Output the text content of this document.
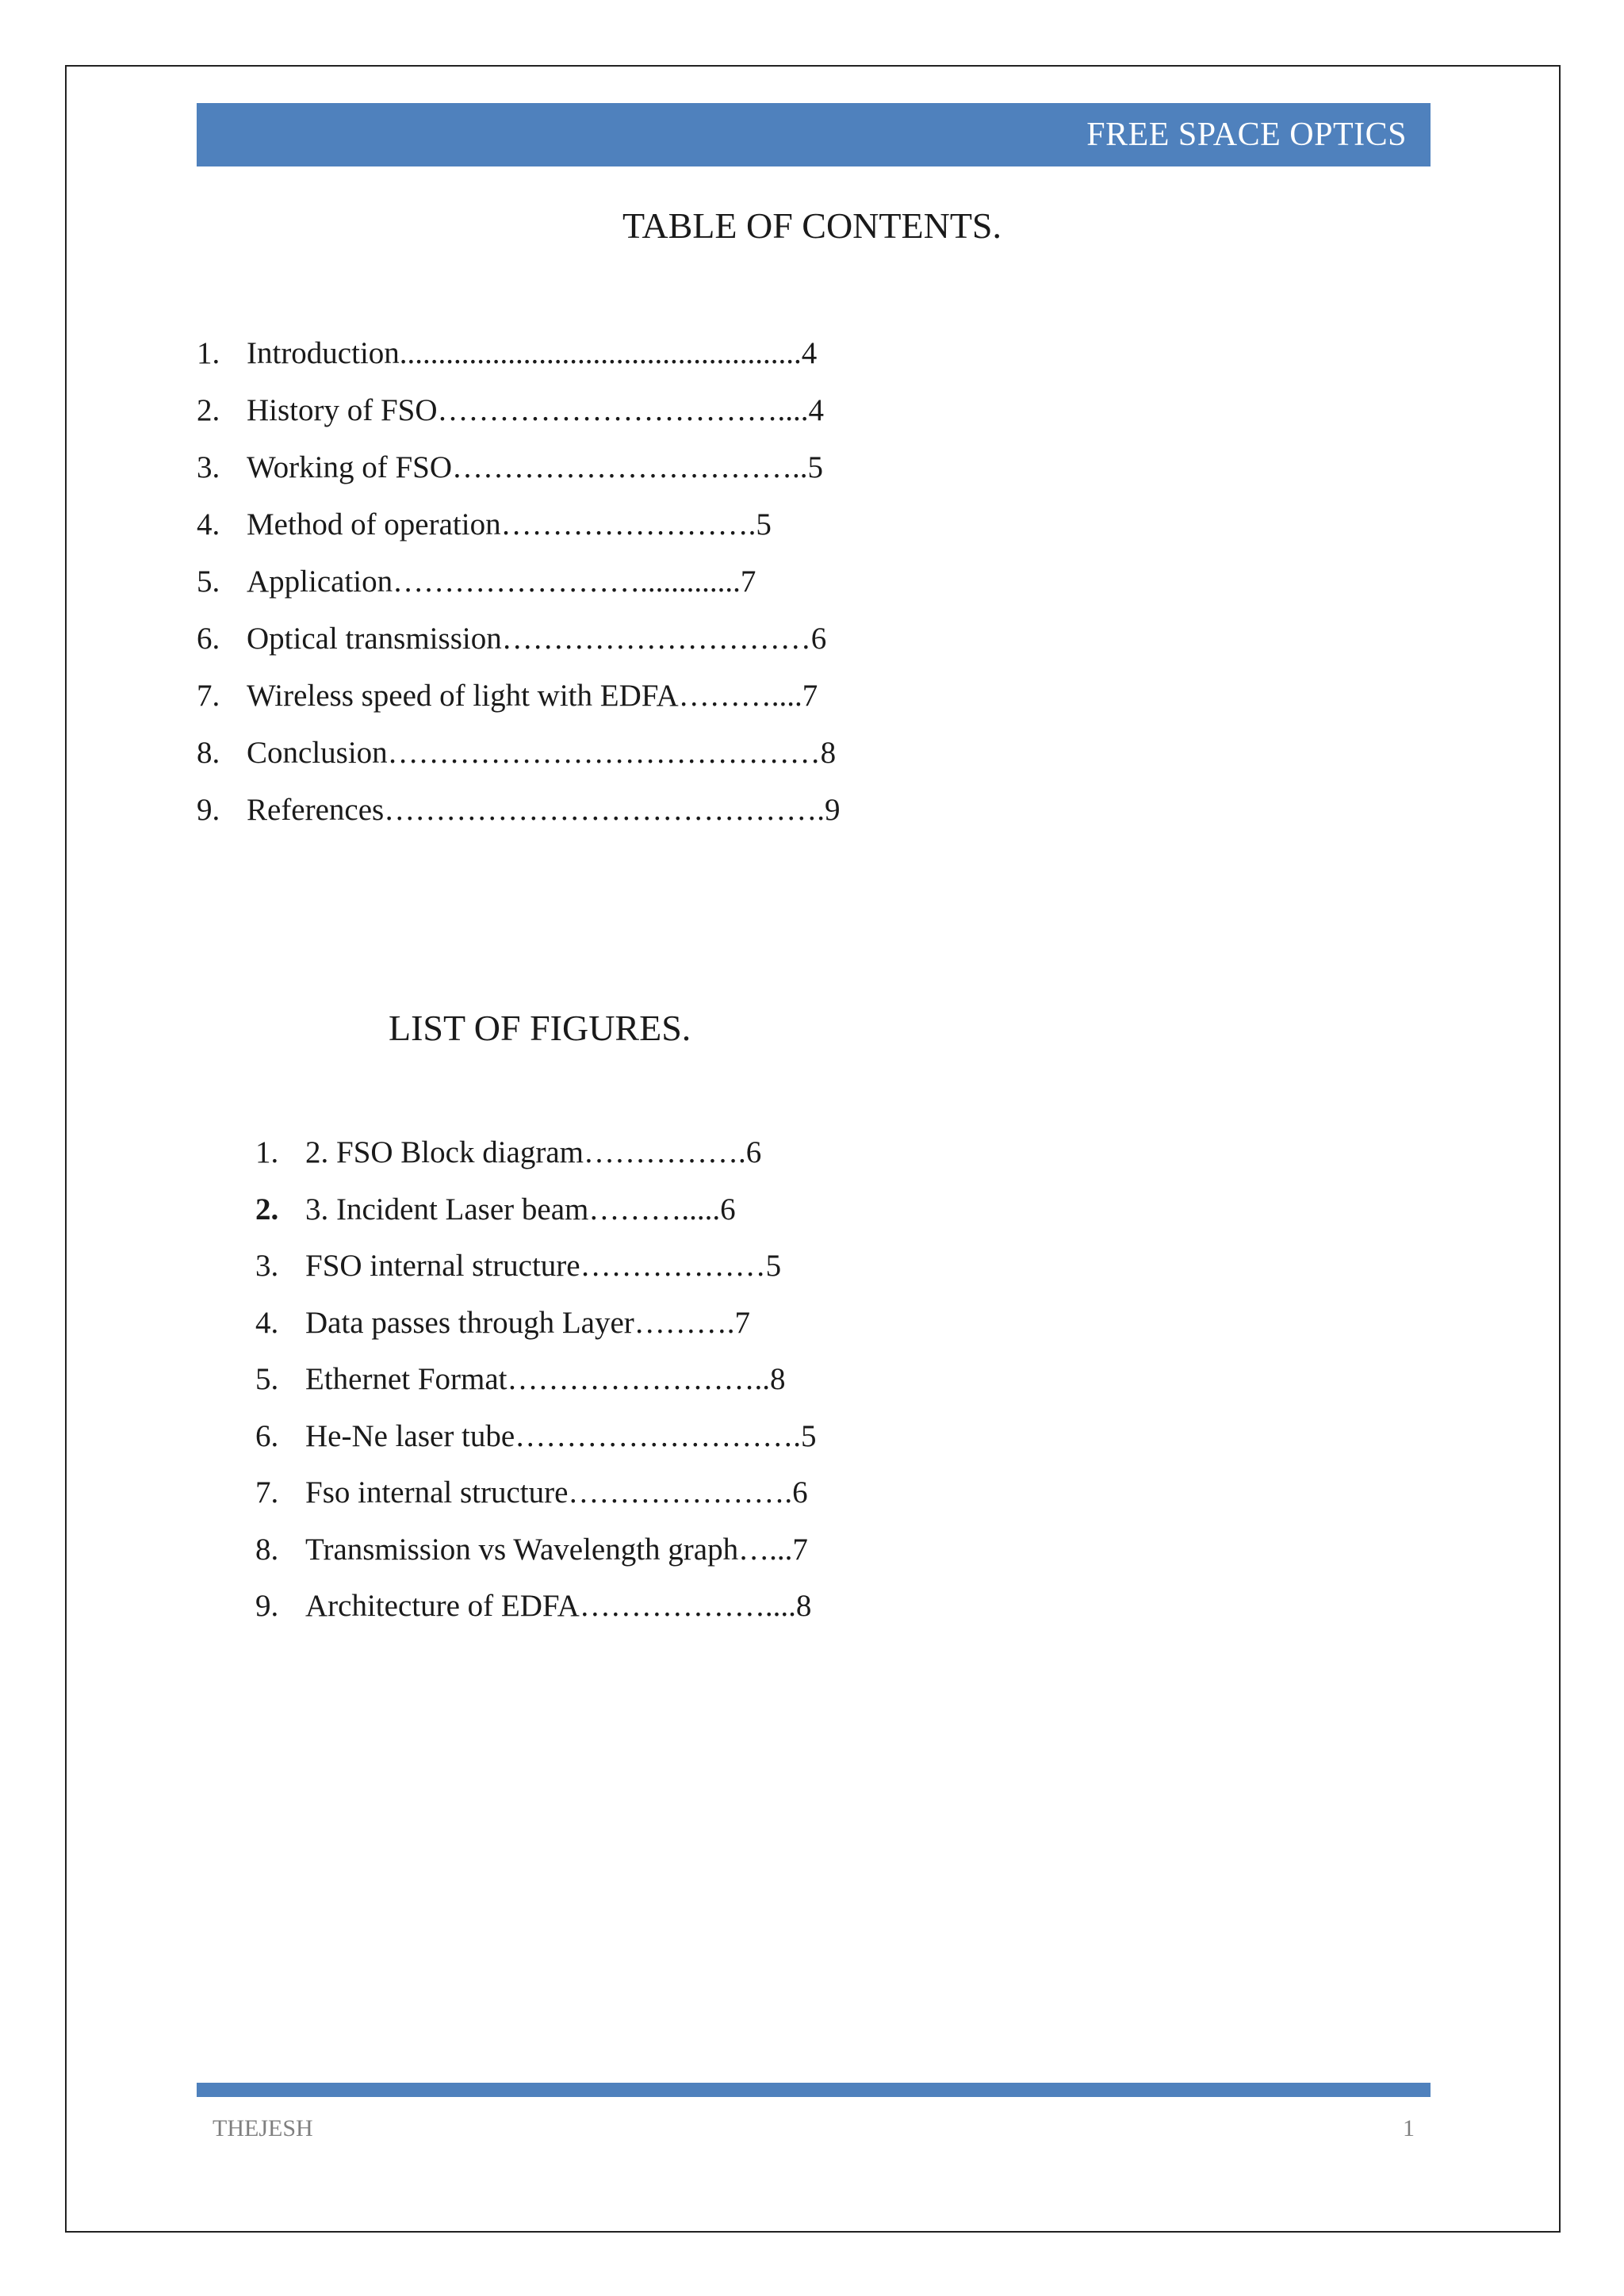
FREE SPACE OPTICS
TABLE OF CONTENTS.
1. Introduction....................................................4
2. History of FSO……………………………....4
3. Working of FSO……………………………..5
4. Method of operation…………………….5
5. Application…………………….............7
6. Optical transmission…………………………6
7. Wireless speed of light with EDFA………....7
8. Conclusion……………………………………8
9. References…………………………………….9
LIST OF FIGURES.
1. 2. FSO Block diagram…………….6
2. 3. Incident Laser beam……….....6
3. FSO internal structure………………5
4. Data passes through Layer……….7
5. Ethernet Format……………………..8
6. He-Ne laser tube……………………….5
7. Fso internal structure………………….6
8. Transmission vs Wavelength graph…...7
9. Architecture of EDFA………………....8
THEJESH	1
